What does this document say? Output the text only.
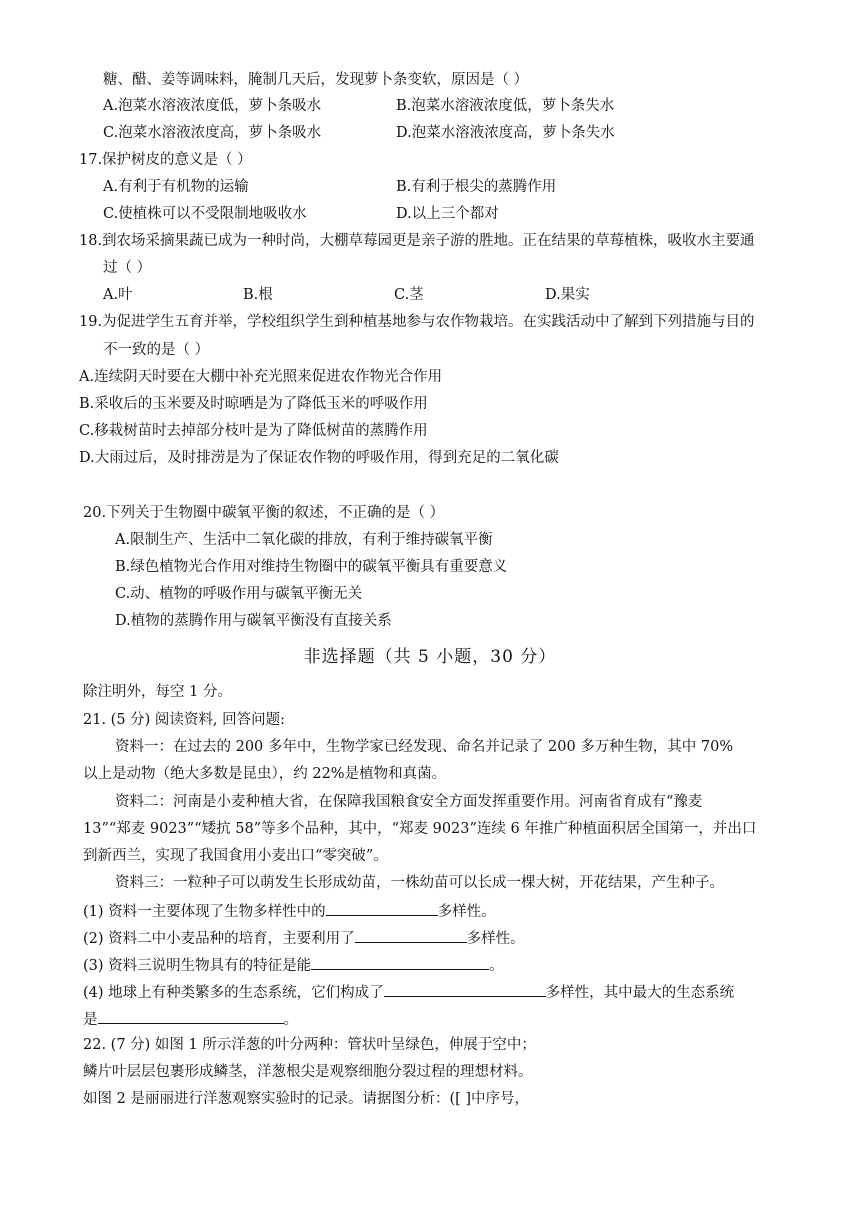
糖、醋、姜等调味料，腌制几天后，发现萝卜条变软，原因是（ ）
A.泡菜水溶液浓度低，萝卜条吸水	B.泡菜水溶液浓度低，萝卜条失水
C.泡菜水溶液浓度高，萝卜条吸水	D.泡菜水溶液浓度高，萝卜条失水
17.保护树皮的意义是（ ）
A.有利于有机物的运输	B.有利于根尖的蒸腾作用
C.使植株可以不受限制地吸收水	D.以上三个都对
18.到农场采摘果蔬已成为一种时尚，大棚草莓园更是亲子游的胜地。正在结果的草莓植株，吸收水主要通
过（ ）
A.叶	B.根	C.茎	D.果实
19.为促进学生五育并举，学校组织学生到种植基地参与农作物栽培。在实践活动中了解到下列措施与目的
不一致的是（ ）
A.连续阴天时要在大棚中补充光照来促进农作物光合作用
B.采收后的玉米要及时晾晒是为了降低玉米的呼吸作用
C.移栽树苗时去掉部分枝叶是为了降低树苗的蒸腾作用
D.大雨过后，及时排涝是为了保证农作物的呼吸作用，得到充足的二氧化碳
20.下列关于生物圈中碳氧平衡的叙述，不正确的是（ ）
A.限制生产、生活中二氧化碳的排放，有利于维持碳氧平衡
B.绿色植物光合作用对维持生物圈中的碳氧平衡具有重要意义
C.动、植物的呼吸作用与碳氧平衡无关
D.植物的蒸腾作用与碳氧平衡没有直接关系
非选择题（共 5 小题，30 分）
除注明外，每空 1 分。
21. (5 分) 阅读资料, 回答问题:
资料一：在过去的 200 多年中，生物学家已经发现、命名并记录了 200 多万种生物，其中 70%
以上是动物（绝大多数是昆虫），约 22%是植物和真菌。
资料二：河南是小麦种植大省，在保障我国粮食安全方面发挥重要作用。河南省育成有“豫麦
13”“郑麦 9023”“矮抗 58”等多个品种，其中，“郑麦 9023”连续 6 年推广种植面积居全国第一，并出口
到新西兰，实现了我国食用小麦出口“零突破”。
资料三：一粒种子可以萌发生长形成幼苗，一株幼苗可以长成一棵大树，开花结果，产生种子。
(1) 资料一主要体现了生物多样性中的	多样性。
(2) 资料二中小麦品种的培育，主要利用了	多样性。
(3) 资料三说明生物具有的特征是能	。
(4) 地球上有种类繁多的生态系统，它们构成了	多样性，其中最大的生态系统
是	。
22. (7 分) 如图 1 所示洋葱的叶分两种：管状叶呈绿色，伸展于空中；
鳞片叶层层包裹形成鳞茎，洋葱根尖是观察细胞分裂过程的理想材料。
如图 2 是丽丽进行洋葱观察实验时的记录。请据图分析：([ ]中序号，
